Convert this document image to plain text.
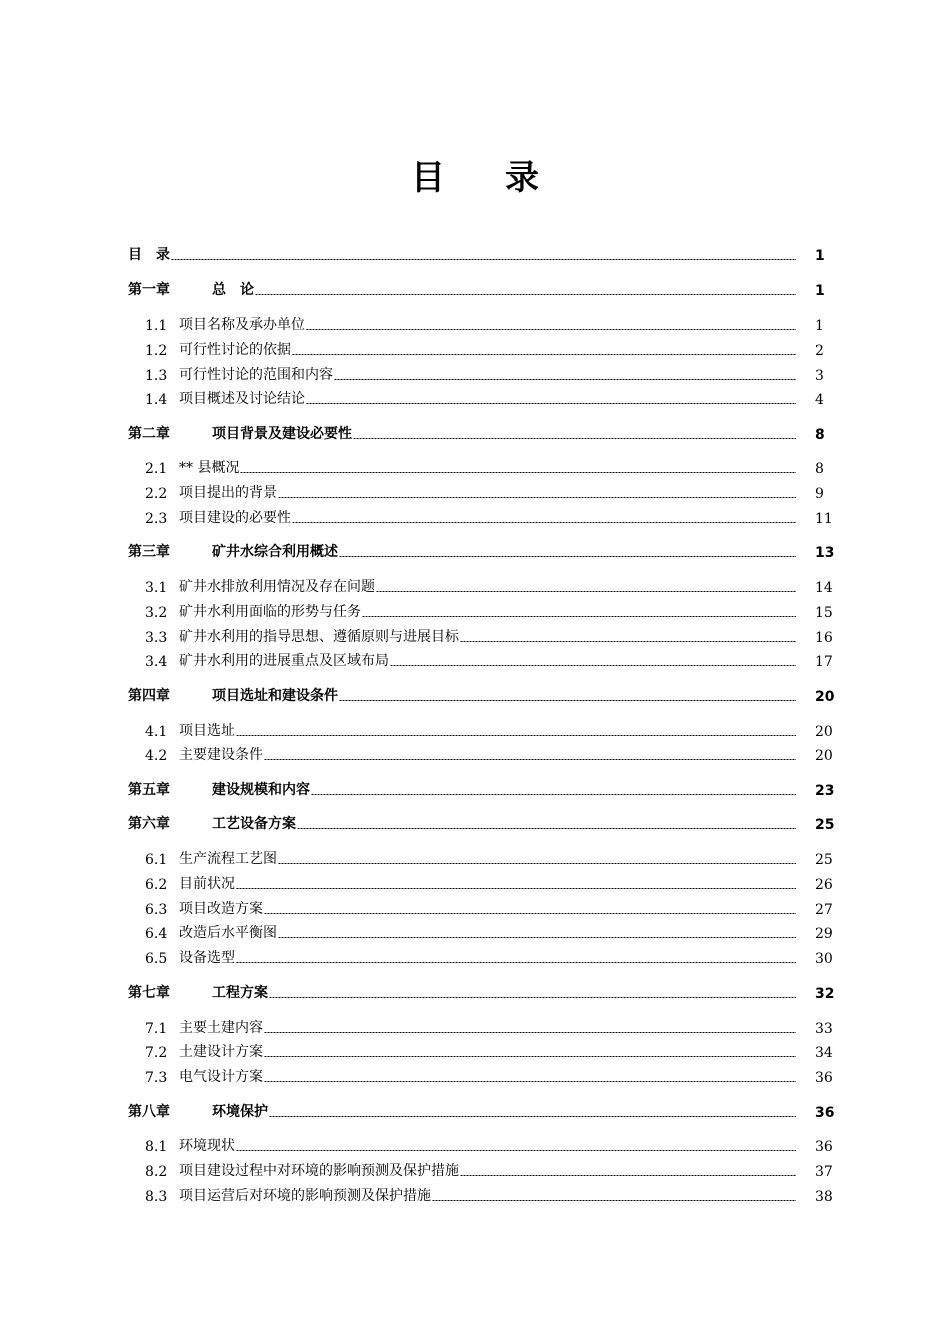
目 录
目　录	1
第一章	总　论	1
1.1 项目名称及承办单位	1
1.2 可行性讨论的依据	2
1.3 可行性讨论的范围和内容	3
1.4 项目概述及讨论结论	4
第二章	项目背景及建设必要性	8
2.1 ** 县概况	8
2.2 项目提出的背景	9
2.3 项目建设的必要性	11
第三章	矿井水综合利用概述	13
3.1 矿井水排放利用情况及存在问题	14
3.2 矿井水利用面临的形势与任务	15
3.3 矿井水利用的指导思想、遵循原则与进展目标	16
3.4 矿井水利用的进展重点及区域布局	17
第四章	项目选址和建设条件	20
4.1 项目选址	20
4.2 主要建设条件	20
第五章	建设规模和内容	23
第六章	工艺设备方案	25
6.1 生产流程工艺图	25
6.2 目前状况	26
6.3 项目改造方案	27
6.4 改造后水平衡图	29
6.5 设备选型	30
第七章	工程方案	32
7.1 主要土建内容	33
7.2 土建设计方案	34
7.3 电气设计方案	36
第八章	环境保护	36
8.1 环境现状	36
8.2 项目建设过程中对环境的影响预测及保护措施	37
8.3 项目运营后对环境的影响预测及保护措施	38
